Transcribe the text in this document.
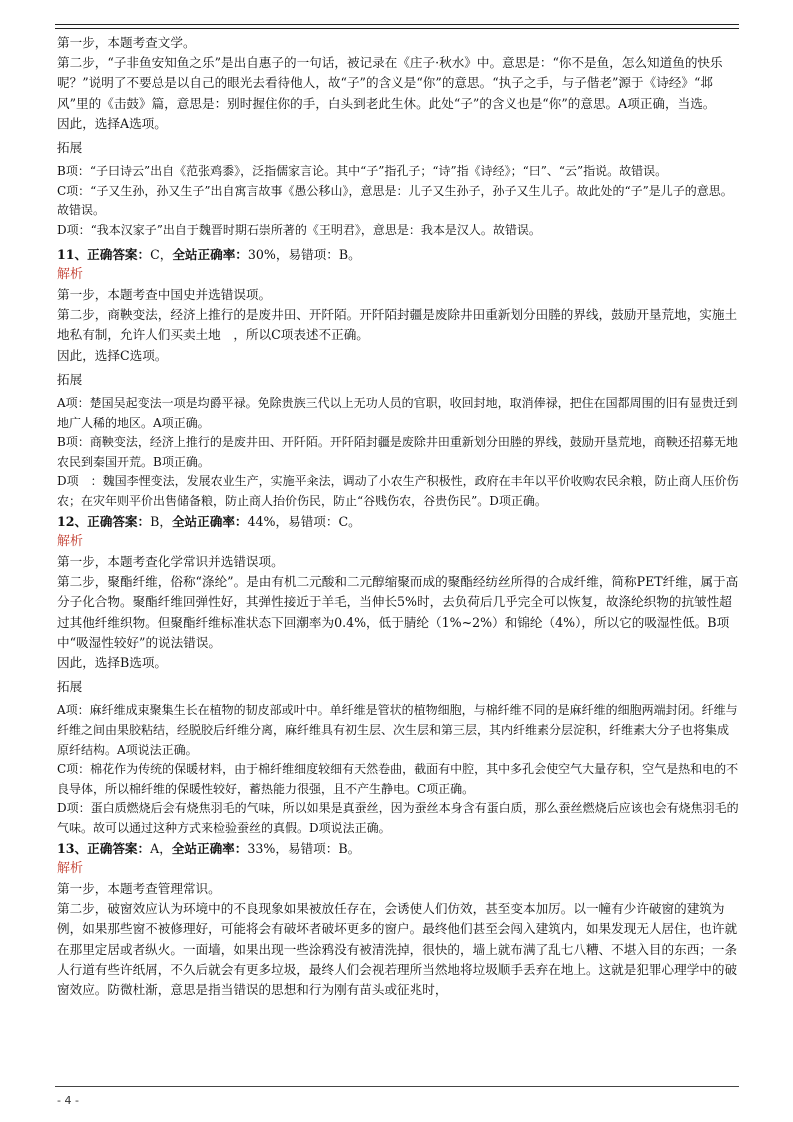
第一步，本题考查文学。

第二步，“子非鱼安知鱼之乐”是出自惠子的一句话，被记录在《庄子·秋水》中。意思是：“你不是鱼，怎么知道鱼的快乐呢？”说明了不要总是以自己的眼光去看待他人，故“子”的含义是“你”的意思。“执子之手，与子偕老”源于《诗经》“邶风”里的《击鼓》篇，意思是：别时握住你的手，白头到老此生休。此处“子”的含义也是“你”的意思。A项正确，当选。

因此，选择A选项。

拓展

B项：“子曰诗云”出自《范张鸡黍》，泛指儒家言论。其中“子”指孔子；“诗”指《诗经》；“曰”、“云”指说。故错误。

C项：“子又生孙，孙又生子”出自寓言故事《愚公移山》，意思是：儿子又生孙子，孙子又生儿子。故此处的“子”是儿子的意思。故错误。

D项：“我本汉家子”出自于魏晋时期石崇所著的《王明君》，意思是：我本是汉人。故错误。

11、正确答案：C，全站正确率：30%，易错项：B。

解析

第一步，本题考查中国史并选错误项。

第二步，商鞅变法，经济上推行的是废井田、开阡陌。开阡陌封疆是废除井田重新划分田塍的界线，鼓励开垦荒地，实施土地私有制，允许人们买卖土地　，所以C项表述不正确。

因此，选择C选项。

拓展

A项：楚国吴起变法一项是均爵平禄。免除贵族三代以上无功人员的官职，收回封地，取消俸禄，把住在国都周围的旧有显贵迁到地广人稀的地区。A项正确。

B项：商鞅变法，经济上推行的是废井田、开阡陌。开阡陌封疆是废除井田重新划分田塍的界线，鼓励开垦荒地，商鞅还招募无地农民到秦国开荒。B项正确。

D项　：魏国李悝变法，发展农业生产，实施平籴法，调动了小农生产积极性，政府在丰年以平价收购农民余粮，防止商人压价伤农；在灾年则平价出售储备粮，防止商人抬价伤民，防止“谷贱伤农，谷贵伤民”。D项正确。

12、正确答案：B，全站正确率：44%，易错项：C。

解析

第一步，本题考查化学常识并选错误项。

第二步，聚酯纤维，俗称“涤纶”。是由有机二元酸和二元醇缩聚而成的聚酯经纺丝所得的合成纤维，简称PET纤维，属于高分子化合物。聚酯纤维回弹性好，其弹性接近于羊毛，当伸长5%时，去负荷后几乎完全可以恢复，故涤纶织物的抗皱性超过其他纤维织物。但聚酯纤维标准状态下回潮率为0.4%，低于腈纶（1%~2%）和锦纶（4%），所以它的吸湿性低。B项中“吸湿性较好”的说法错误。

因此，选择B选项。

拓展

A项：麻纤维成束聚集生长在植物的韧皮部或叶中。单纤维是管状的植物细胞，与棉纤维不同的是麻纤维的细胞两端封闭。纤维与纤维之间由果胶粘结，经脱胶后纤维分离，麻纤维具有初生层、次生层和第三层，其内纤维素分层淀积，纤维素大分子也将集成原纤结构。A项说法正确。

C项：棉花作为传统的保暖材料，由于棉纤维细度较细有天然卷曲，截面有中腔，其中多孔会使空气大量存积，空气是热和电的不良导体，所以棉纤维的保暖性较好，蓄热能力很强，且不产生静电。C项正确。

D项：蛋白质燃烧后会有烧焦羽毛的气味，所以如果是真蚕丝，因为蚕丝本身含有蛋白质，那么蚕丝燃烧后应该也会有烧焦羽毛的气味。故可以通过这种方式来检验蚕丝的真假。D项说法正确。

13、正确答案：A，全站正确率：33%，易错项：B。

解析

第一步，本题考查管理常识。

第二步，破窗效应认为环境中的不良现象如果被放任存在，会诱使人们仿效，甚至变本加厉。以一幢有少许破窗的建筑为例，如果那些窗不被修理好，可能将会有破坏者破坏更多的窗户。最终他们甚至会闯入建筑内，如果发现无人居住，也许就在那里定居或者纵火。一面墙，如果出现一些涂鸦没有被清洗掉，很快的，墙上就布满了乱七八糟、不堪入目的东西；一条人行道有些许纸屑，不久后就会有更多垃圾，最终人们会视若理所当然地将垃圾顺手丢弃在地上。这就是犯罪心理学中的破窗效应。防微杜渐，意思是指当错误的思想和行为刚有苗头或征兆时，

- 4 -
